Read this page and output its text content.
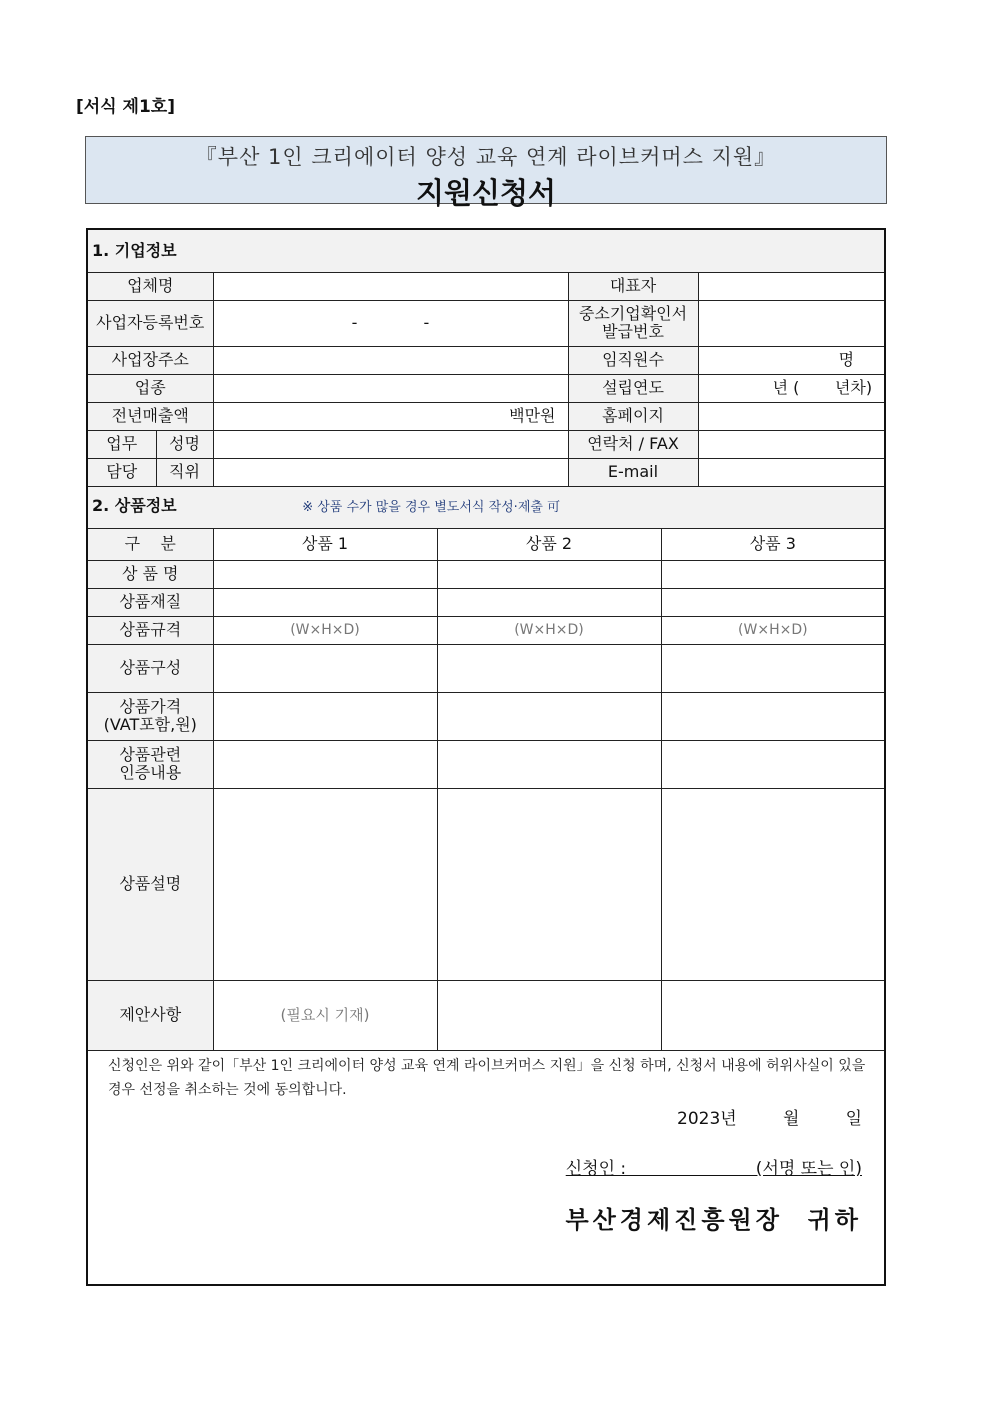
[서식 제1호]
『부산 1인 크리에이터 양성 교육 연계 라이브커머스 지원』
지원신청서
1. 기업정보						
업체명				대표자		
사업자등록번호		-             -		중소기업확인서
발급번호		
사업장주소				임직원수		명
업종				설립연도		년 (       년차)
전년매출액		백만원		홈페이지		
업무	성명			연락처 / FAX		
담당	직위			E-mail		
2. 상품정보 ※ 상품 수가 많을 경우 별도서식 작성·제출 可						
구    분		상품 1	상품 2		상품 3	
상 품 명						
상품재질						
상품규격		(W×H×D)	(W×H×D)		(W×H×D)	
상품구성						
상품가격
(VAT포함,원)						
상품관련
인증내용						
상품설명						
제안사항		(필요시 기재)				
신청인은 위와 같이「부산 1인 크리에이터 양성 교육 연계 라이브커머스 지원」을 신청 하며, 신청서 내용에 허위사실이 있을 경우 선정을 취소하는 것에 동의합니다.
2023년   월   일
신청인 :                        (서명 또는 인)
부산경제진흥원장  귀하
